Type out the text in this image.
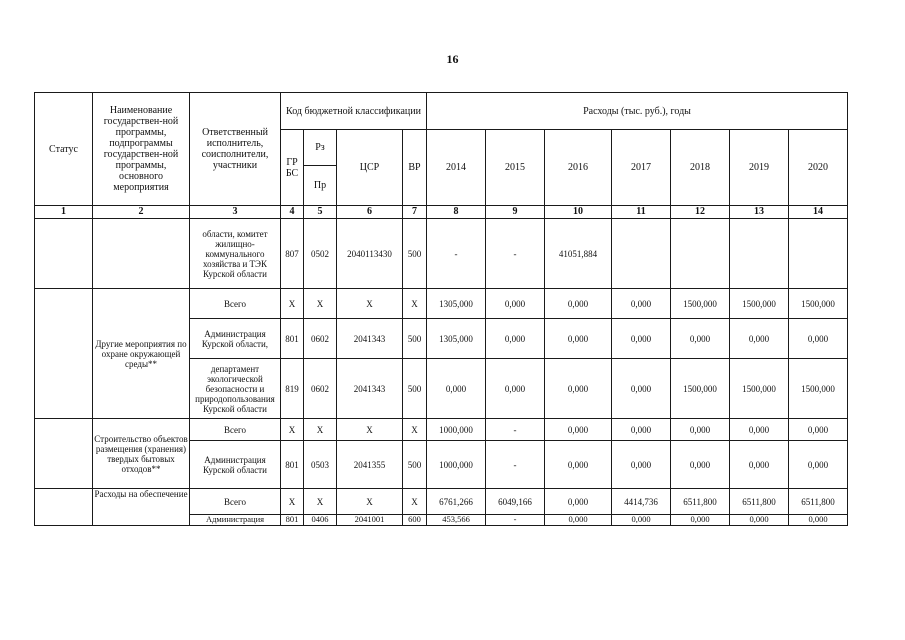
16
Статус	Наименование государствен-ной программы, подпрограммы государствен-ной программы, основного мероприятия	Ответственный исполнитель, соисполнители, участники	Код бюджетной классификации				Расходы (тыс. руб.), годы						
			ГР БС	Рз	ЦСР	ВР	2014	2015	2016	2017	2018	2019	2020
				Пр									
1	2	3	4	5	6	7	8	9	10	11	12	13	14
		области, комитет жилищно-коммунального хозяйства и ТЭК Курской области	807	0502	2040113430	500	-	-	41051,884				
	Другие мероприятия по охране окружающей среды**	Всего	X	X	X	X	1305,000	0,000	0,000	0,000	1500,000	1500,000	1500,000
		Администрация Курской области,	801	0602	2041343	500	1305,000	0,000	0,000	0,000	0,000	0,000	0,000
		департамент экологической безопасности и природопользования Курской области	819	0602	2041343	500	0,000	0,000	0,000	0,000	1500,000	1500,000	1500,000
	Строительство объектов размещения (хранения) твердых бытовых отходов**	Всего	X	X	X	X	1000,000	-	0,000	0,000	0,000	0,000	0,000
		Администрация Курской области	801	0503	2041355	500	1000,000	-	0,000	0,000	0,000	0,000	0,000
	Расходы на обеспечение	Всего	X	X	X	X	6761,266	6049,166	0,000	4414,736	6511,800	6511,800	6511,800
		Администрация	801	0406	2041001	600	453,566	-	0,000	0,000	0,000	0,000	0,000
